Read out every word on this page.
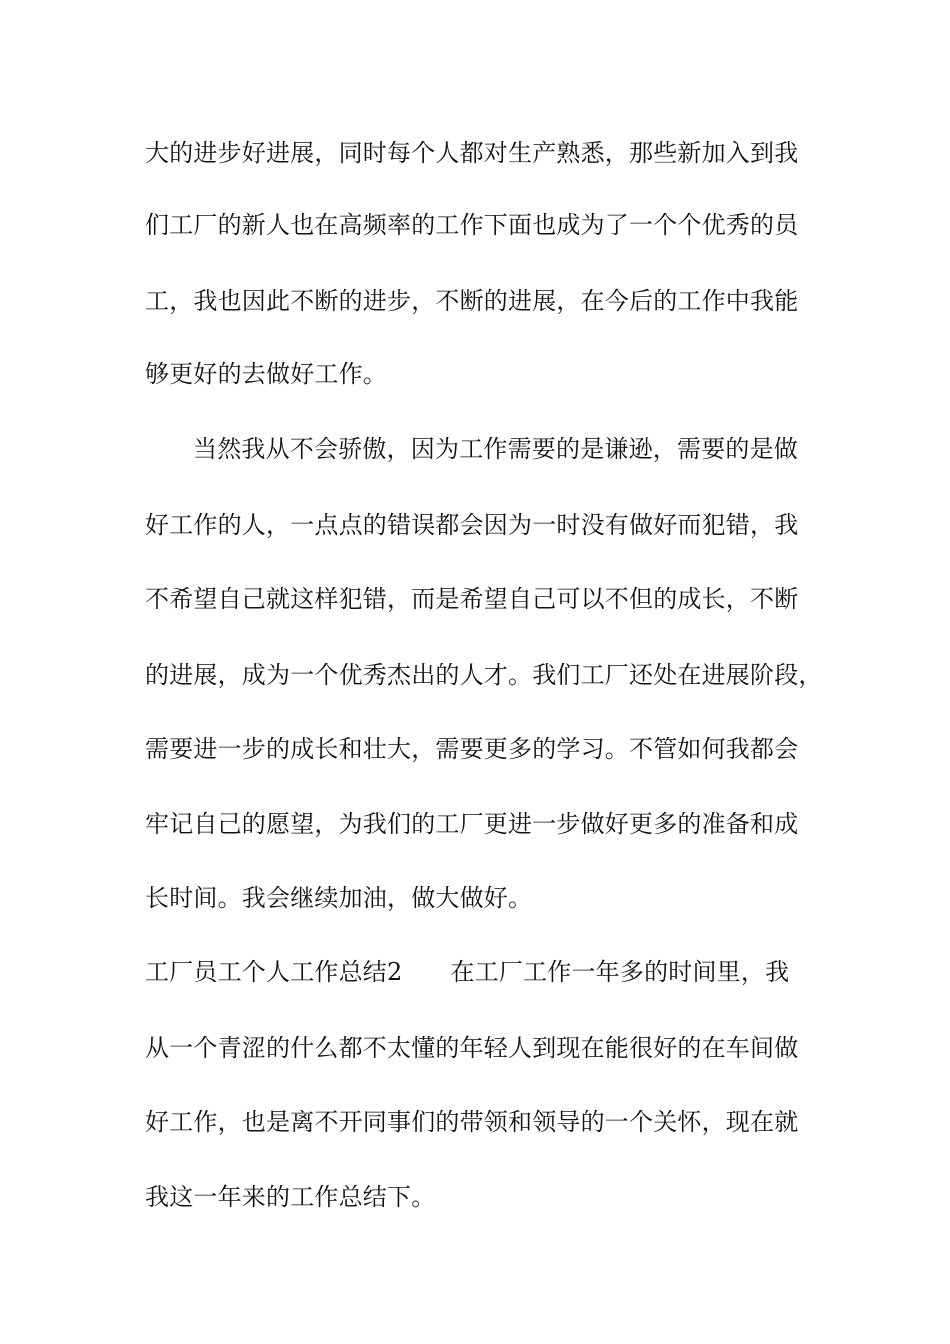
大的进步好进展，同时每个人都对生产熟悉，那些新加入到我
们工厂的新人也在高频率的工作下面也成为了一个个优秀的员
工，我也因此不断的进步，不断的进展，在今后的工作中我能
够更好的去做好工作。
当然我从不会骄傲，因为工作需要的是谦逊，需要的是做
好工作的人，一点点的错误都会因为一时没有做好而犯错，我
不希望自己就这样犯错，而是希望自己可以不但的成长，不断
的进展，成为一个优秀杰出的人才。我们工厂还处在进展阶段，
需要进一步的成长和壮大，需要更多的学习。不管如何我都会
牢记自己的愿望，为我们的工厂更进一步做好更多的准备和成
长时间。我会继续加油，做大做好。
工厂员工个人工作总结2 在工厂工作一年多的时间里，我
从一个青涩的什么都不太懂的年轻人到现在能很好的在车间做
好工作，也是离不开同事们的带领和领导的一个关怀，现在就
我这一年来的工作总结下。
